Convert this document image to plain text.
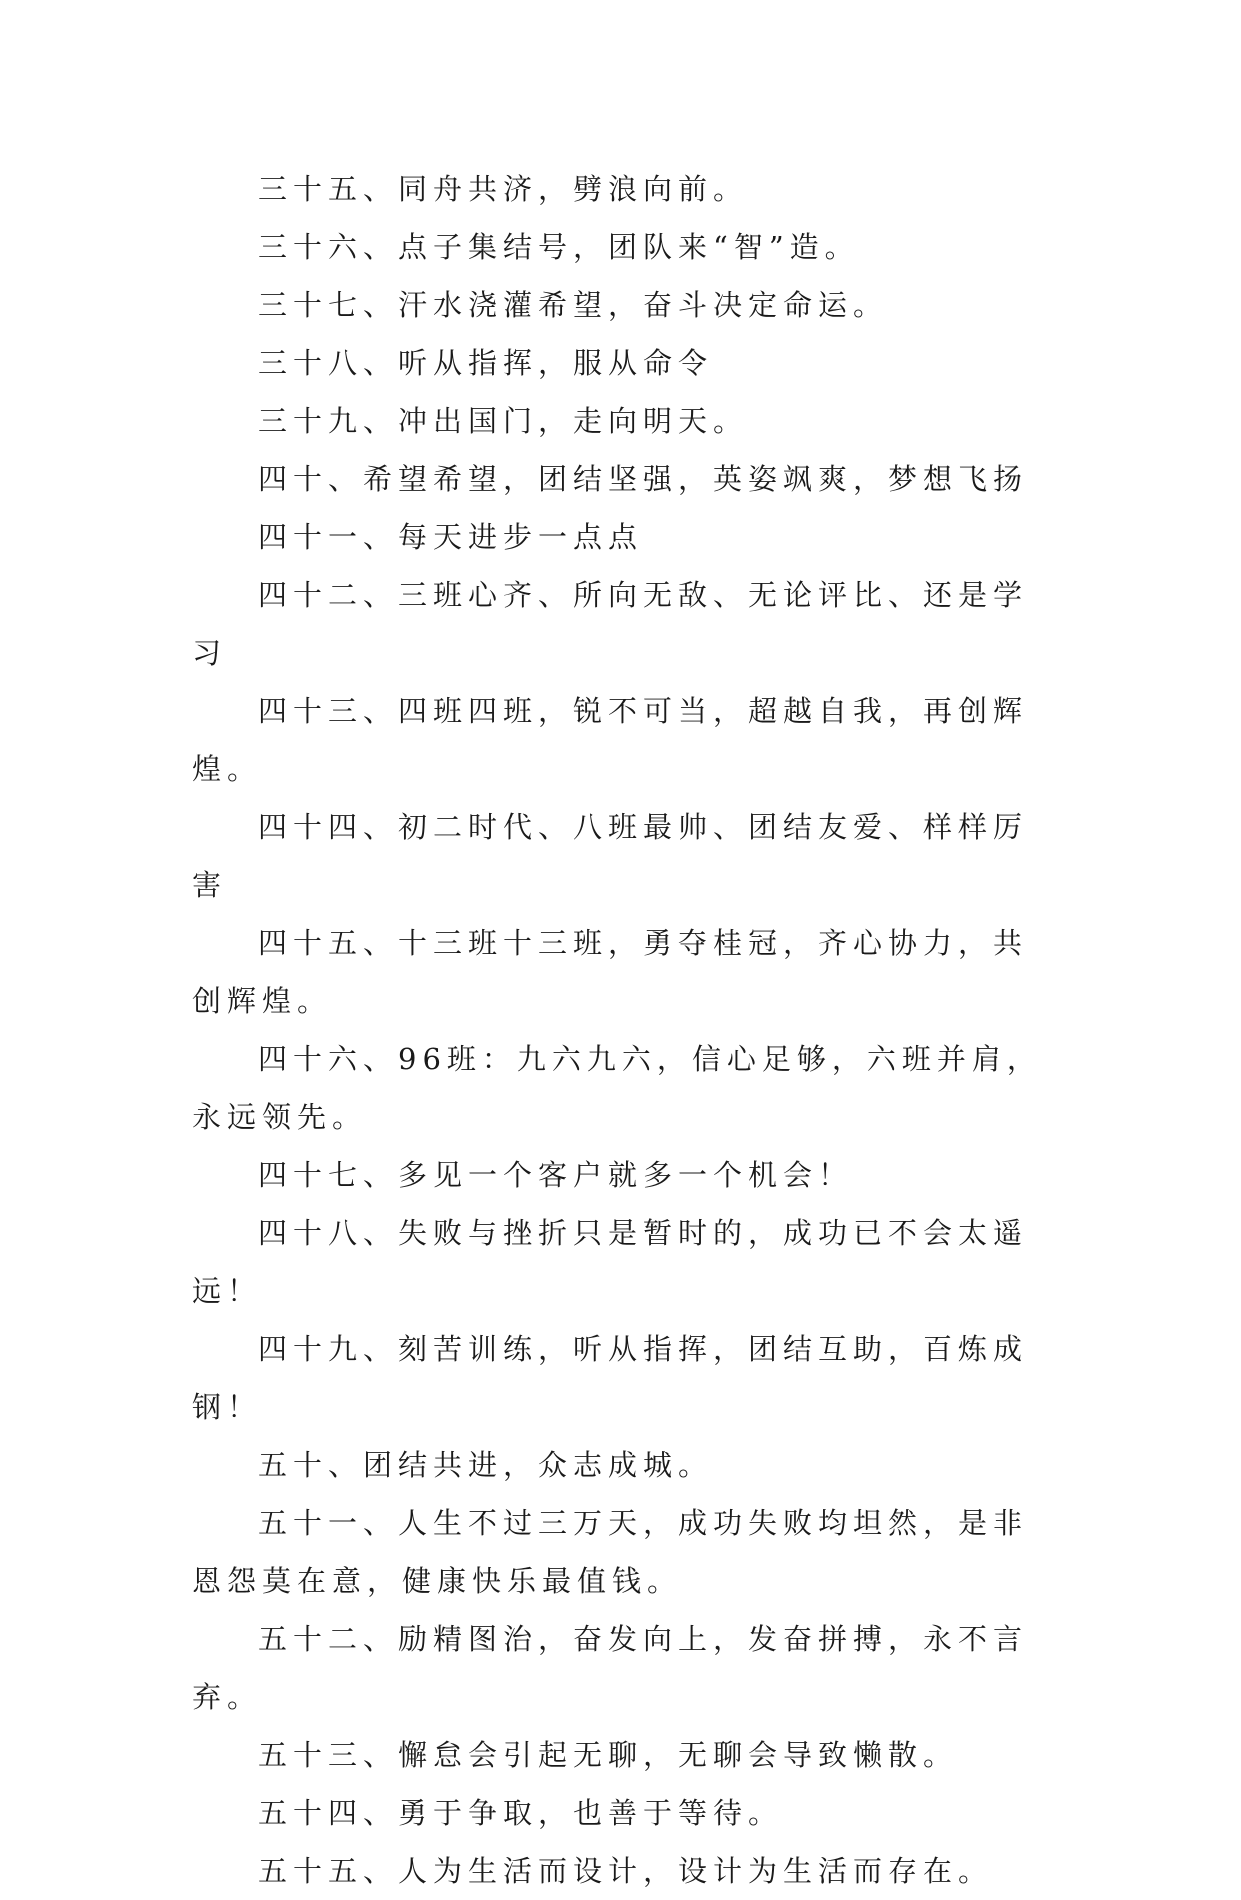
三十五、同舟共济，劈浪向前。

三十六、点子集结号，团队来“智”造。

三十七、汗水浇灌希望，奋斗决定命运。

三十八、听从指挥，服从命令

三十九、冲出国门，走向明天。

四十、希望希望，团结坚强，英姿飒爽，梦想飞扬

四十一、每天进步一点点

四十二、三班心齐、所向无敌、无论评比、还是学习

四十三、四班四班，锐不可当，超越自我，再创辉煌。

四十四、初二时代、八班最帅、团结友爱、样样厉害

四十五、十三班十三班，勇夺桂冠，齐心协力，共创辉煌。

四十六、96班：九六九六，信心足够，六班并肩，永远领先。

四十七、多见一个客户就多一个机会！

四十八、失败与挫折只是暂时的，成功已不会太遥远！

四十九、刻苦训练，听从指挥，团结互助，百炼成钢！

五十、团结共进，众志成城。

五十一、人生不过三万天，成功失败均坦然，是非恩怨莫在意，健康快乐最值钱。

五十二、励精图治，奋发向上，发奋拼搏，永不言弃。

五十三、懈怠会引起无聊，无聊会导致懒散。

五十四、勇于争取，也善于等待。

五十五、人为生活而设计，设计为生活而存在。
